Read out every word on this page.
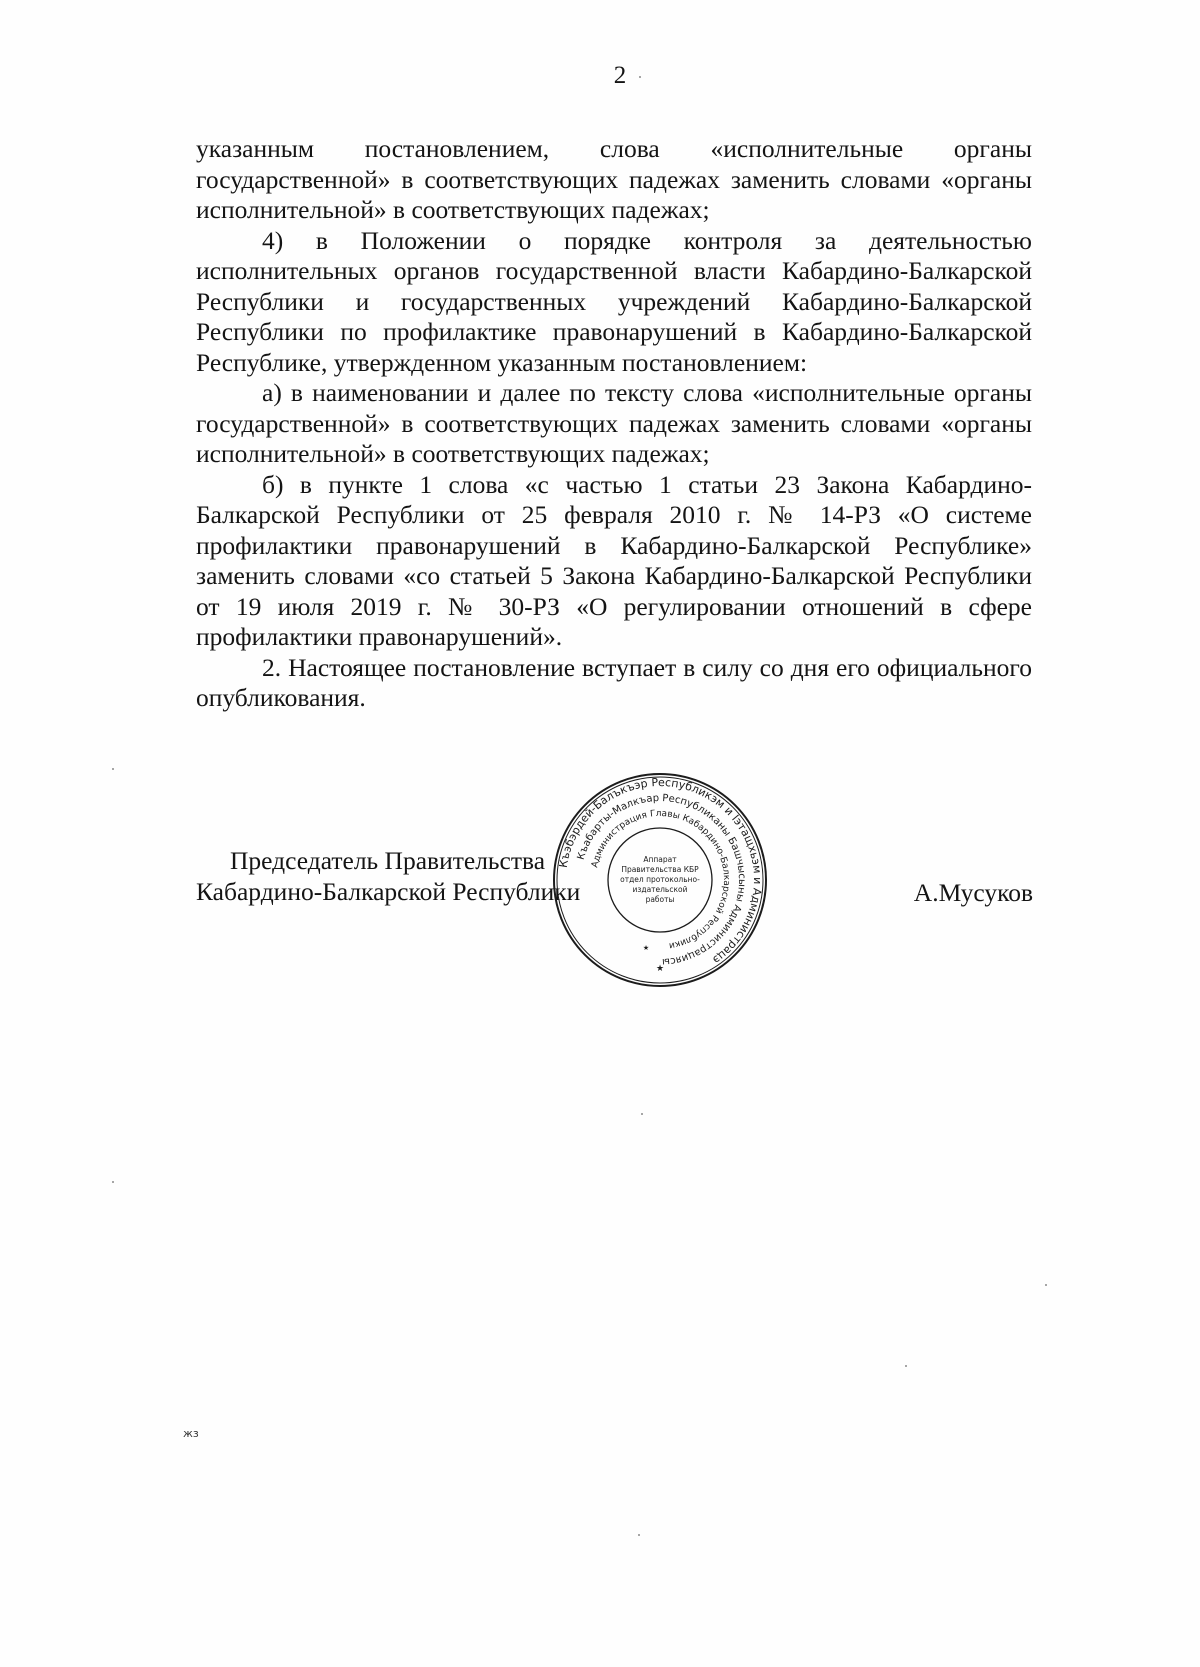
2

указанным постановлением, слова «исполнительные органы государственной» в соответствующих падежах заменить словами «органы исполнительной» в соответствующих падежах;

4) в Положении о порядке контроля за деятельностью исполнительных органов государственной власти Кабардино-Балкарской Республики и государственных учреждений Кабардино-Балкарской Республики по профилактике правонарушений в Кабардино-Балкарской Республике, утвержденном указанным постановлением:

а) в наименовании и далее по тексту слова «исполнительные органы государственной» в соответствующих падежах заменить словами «органы исполнительной» в соответствующих падежах;

б) в пункте 1 слова «с частью 1 статьи 23 Закона Кабардино-Балкарской Республики от 25 февраля 2010 г. № 14-РЗ «О системе профилактики правонарушений в Кабардино-Балкарской Республике» заменить словами «со статьей 5 Закона Кабардино-Балкарской Республики от 19 июля 2019 г. № 30-РЗ «О регулировании отношений в сфере профилактики правонарушений».

2. Настоящее постановление вступает в силу со дня его официального опубликования.

Председатель Правительства
Кабардино-Балкарской Республики
Къэбэрдей-Балъкъэр Республикэм и Iэтащхьэм и Администрацэ
Къабарты-Малкъар Республиканы Башчысыны Администрациясы
Администрация Главы Кабардино-Балкарской Республики
Аппарат
Правительства КБР
отдел протокольно-
издательской
работы
★
★
А.Мусуков
жз
